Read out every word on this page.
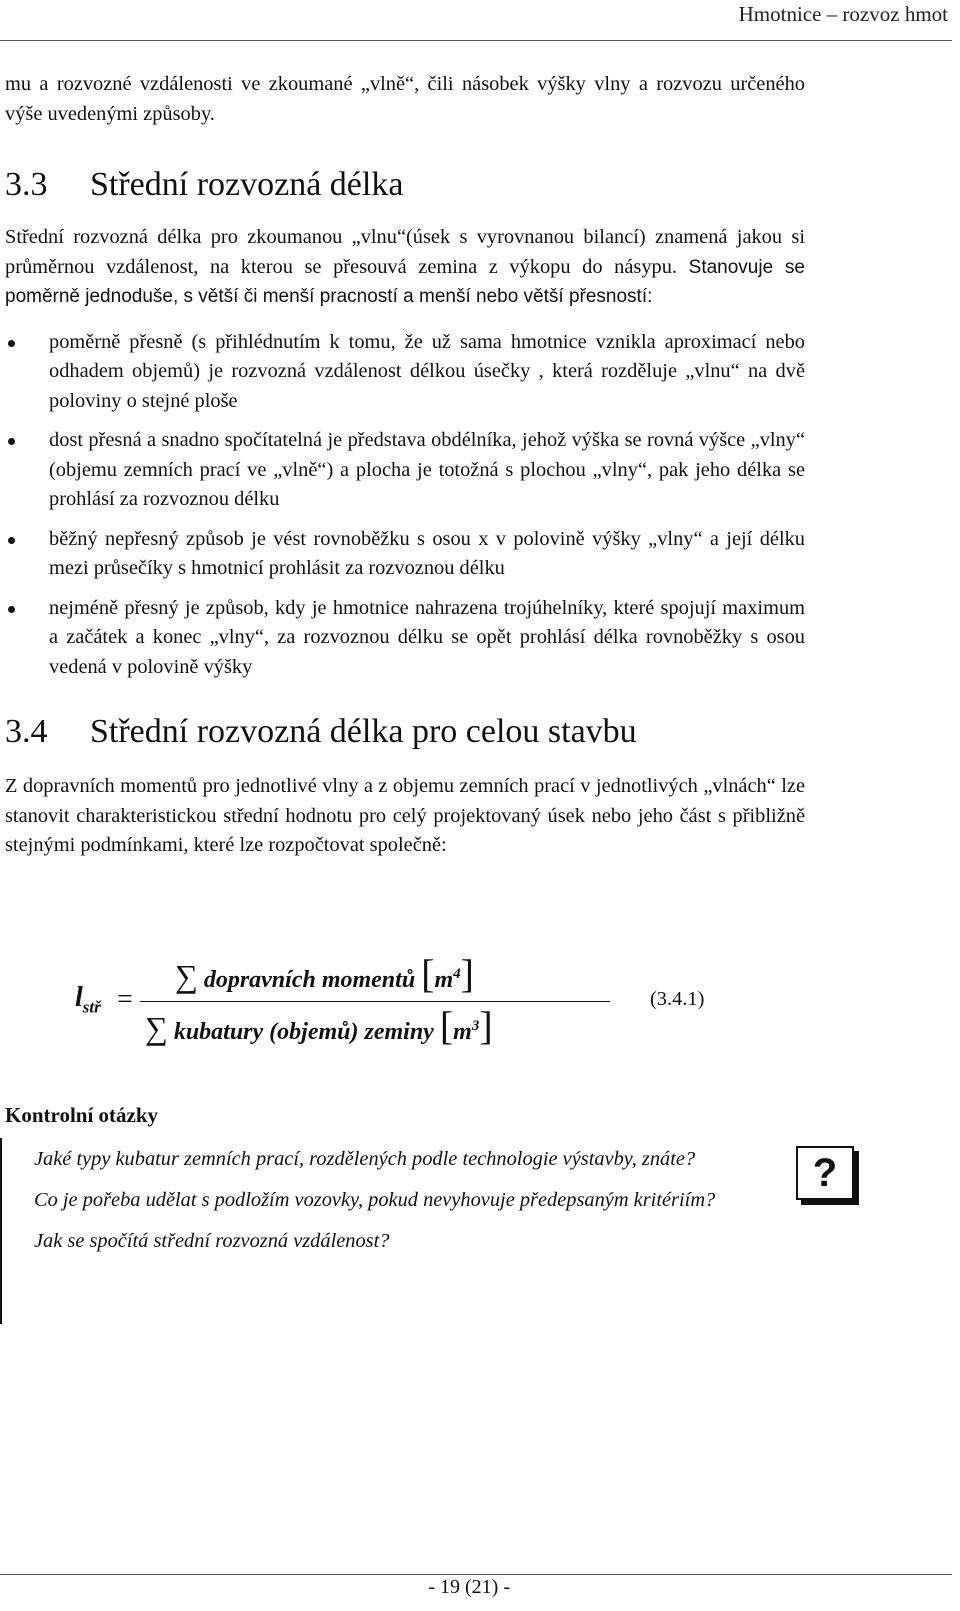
Hmotnice – rozvoz hmot

mu a rozvozné vzdálenosti ve zkoumané „vlně“, čili násobek výšky vlny a rozvozu určeného výše uvedenými způsoby.

3.3 Střední rozvozná délka

Střední rozvozná délka pro zkoumanou „vlnu“(úsek s vyrovnanou bilancí) znamená jakou si průměrnou vzdálenost, na kterou se přesouvá zemina z výkopu do násypu. Stanovuje se poměrně jednoduše, s větší či menší pracností a menší nebo větší přesností:

poměrně přesně (s přihlédnutím k tomu, že už sama hmotnice vznikla aproximací nebo odhadem objemů) je rozvozná vzdálenost délkou úsečky , která rozděluje „vlnu“ na dvě poloviny o stejné ploše
dost přesná a snadno spočítatelná je představa obdélníka, jehož výška se rovná výšce „vlny“ (objemu zemních prací ve „vlně“) a plocha je totožná s plochou „vlny“, pak jeho délka se prohlásí za rozvoznou délku
běžný nepřesný způsob je vést rovnoběžku s osou x v polovině výšky „vlny“ a její délku mezi průsečíky s hmotnicí prohlásit za rozvoznou délku
nejméně přesný je způsob, kdy je hmotnice nahrazena trojúhelníky, které spojují maximum a začátek a konec „vlny“, za rozvoznou délku se opět prohlásí délka rovnoběžky s osou vedená v polovině výšky
3.4 Střední rozvozná délka pro celou stavbu

Z dopravních momentů pro jednotlivé vlny a z objemu zemních prací v jednotlivých „vlnách“ lze stanovit charakteristickou střední hodnotu pro celý projektovaný úsek nebo jeho část s přibližně stejnými podmínkami, které lze rozpočtovat společně:

$l_{stř}$ =
∑ dopravních momentů $[m^4]$
∑ kubatury (objemů) zeminy $[m^3]$
(3.4.1)
Kontrolní otázky

Jaké typy kubatur zemních prací, rozdělených podle technologie výstavby, znáte?

Co je pořeba udělat s podložím vozovky, pokud nevyhovuje předepsaným kritériím?

Jak se spočítá střední rozvozná vzdálenost?

?
- 19 (21) -
